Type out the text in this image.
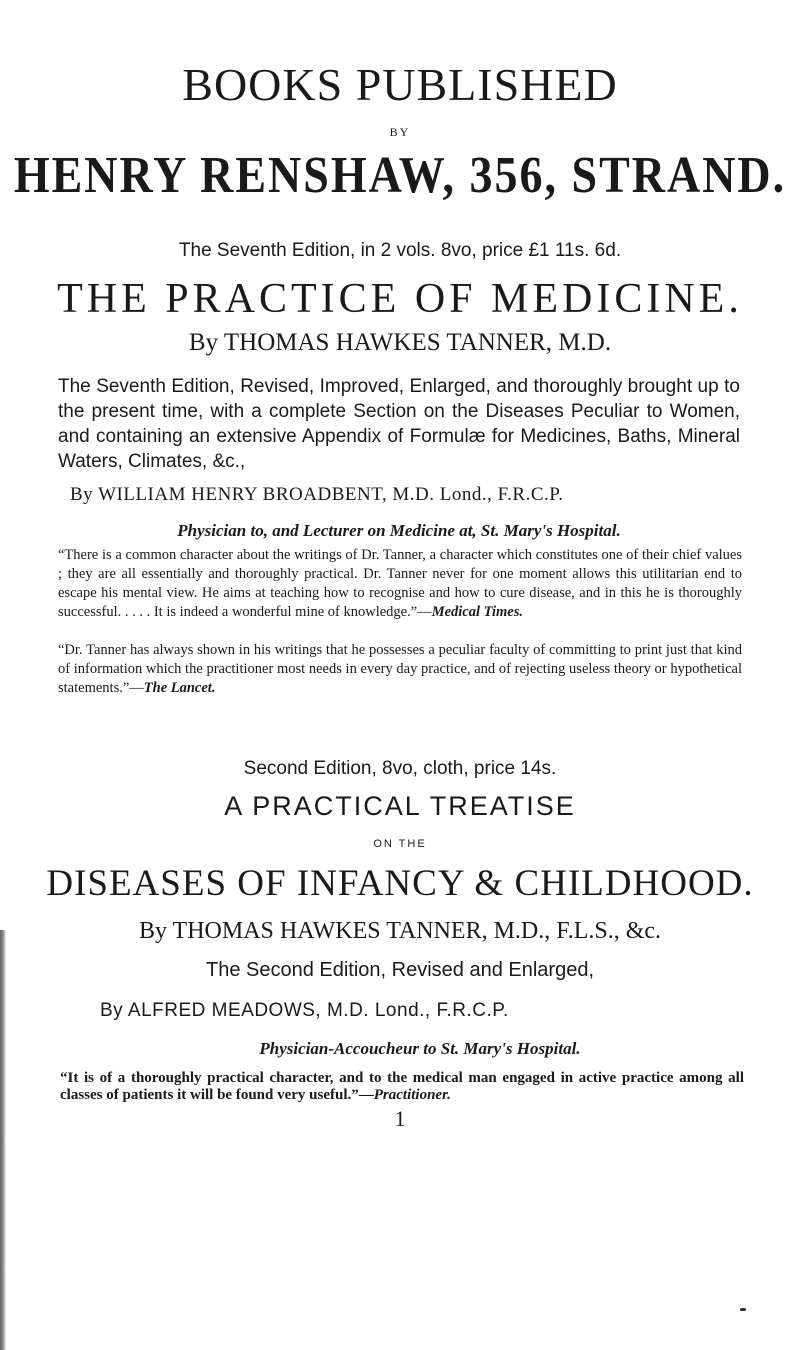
BOOKS PUBLISHED
BY
HENRY RENSHAW, 356, STRAND.
The Seventh Edition, in 2 vols. 8vo, price £1 11s. 6d.
THE PRACTICE OF MEDICINE.
By THOMAS HAWKES TANNER, M.D.
The Seventh Edition, Revised, Improved, Enlarged, and thoroughly brought up to the present time, with a complete Section on the Diseases Peculiar to Women, and containing an extensive Appendix of Formulæ for Medicines, Baths, Mineral Waters, Climates, &c.,
By WILLIAM HENRY BROADBENT, M.D. Lond., F.R.C.P.
Physician to, and Lecturer on Medicine at, St. Mary's Hospital.
“There is a common character about the writings of Dr. Tanner, a character which constitutes one of their chief values ; they are all essentially and thoroughly practical. Dr. Tanner never for one moment allows this utilitarian end to escape his mental view. He aims at teaching how to recognise and how to cure disease, and in this he is thoroughly successful. . . . . It is indeed a wonderful mine of knowledge.”—Medical Times.
“Dr. Tanner has always shown in his writings that he possesses a peculiar faculty of committing to print just that kind of information which the practitioner most needs in every day practice, and of rejecting useless theory or hypothetical statements.”—The Lancet.
Second Edition, 8vo, cloth, price 14s.
A PRACTICAL TREATISE
ON THE
DISEASES OF INFANCY & CHILDHOOD.
By THOMAS HAWKES TANNER, M.D., F.L.S., &c.
The Second Edition, Revised and Enlarged,
By ALFRED MEADOWS, M.D. Lond., F.R.C.P.
Physician-Accoucheur to St. Mary's Hospital.
“It is of a thoroughly practical character, and to the medical man engaged in active practice among all classes of patients it will be found very useful.”—Practitioner.
1
